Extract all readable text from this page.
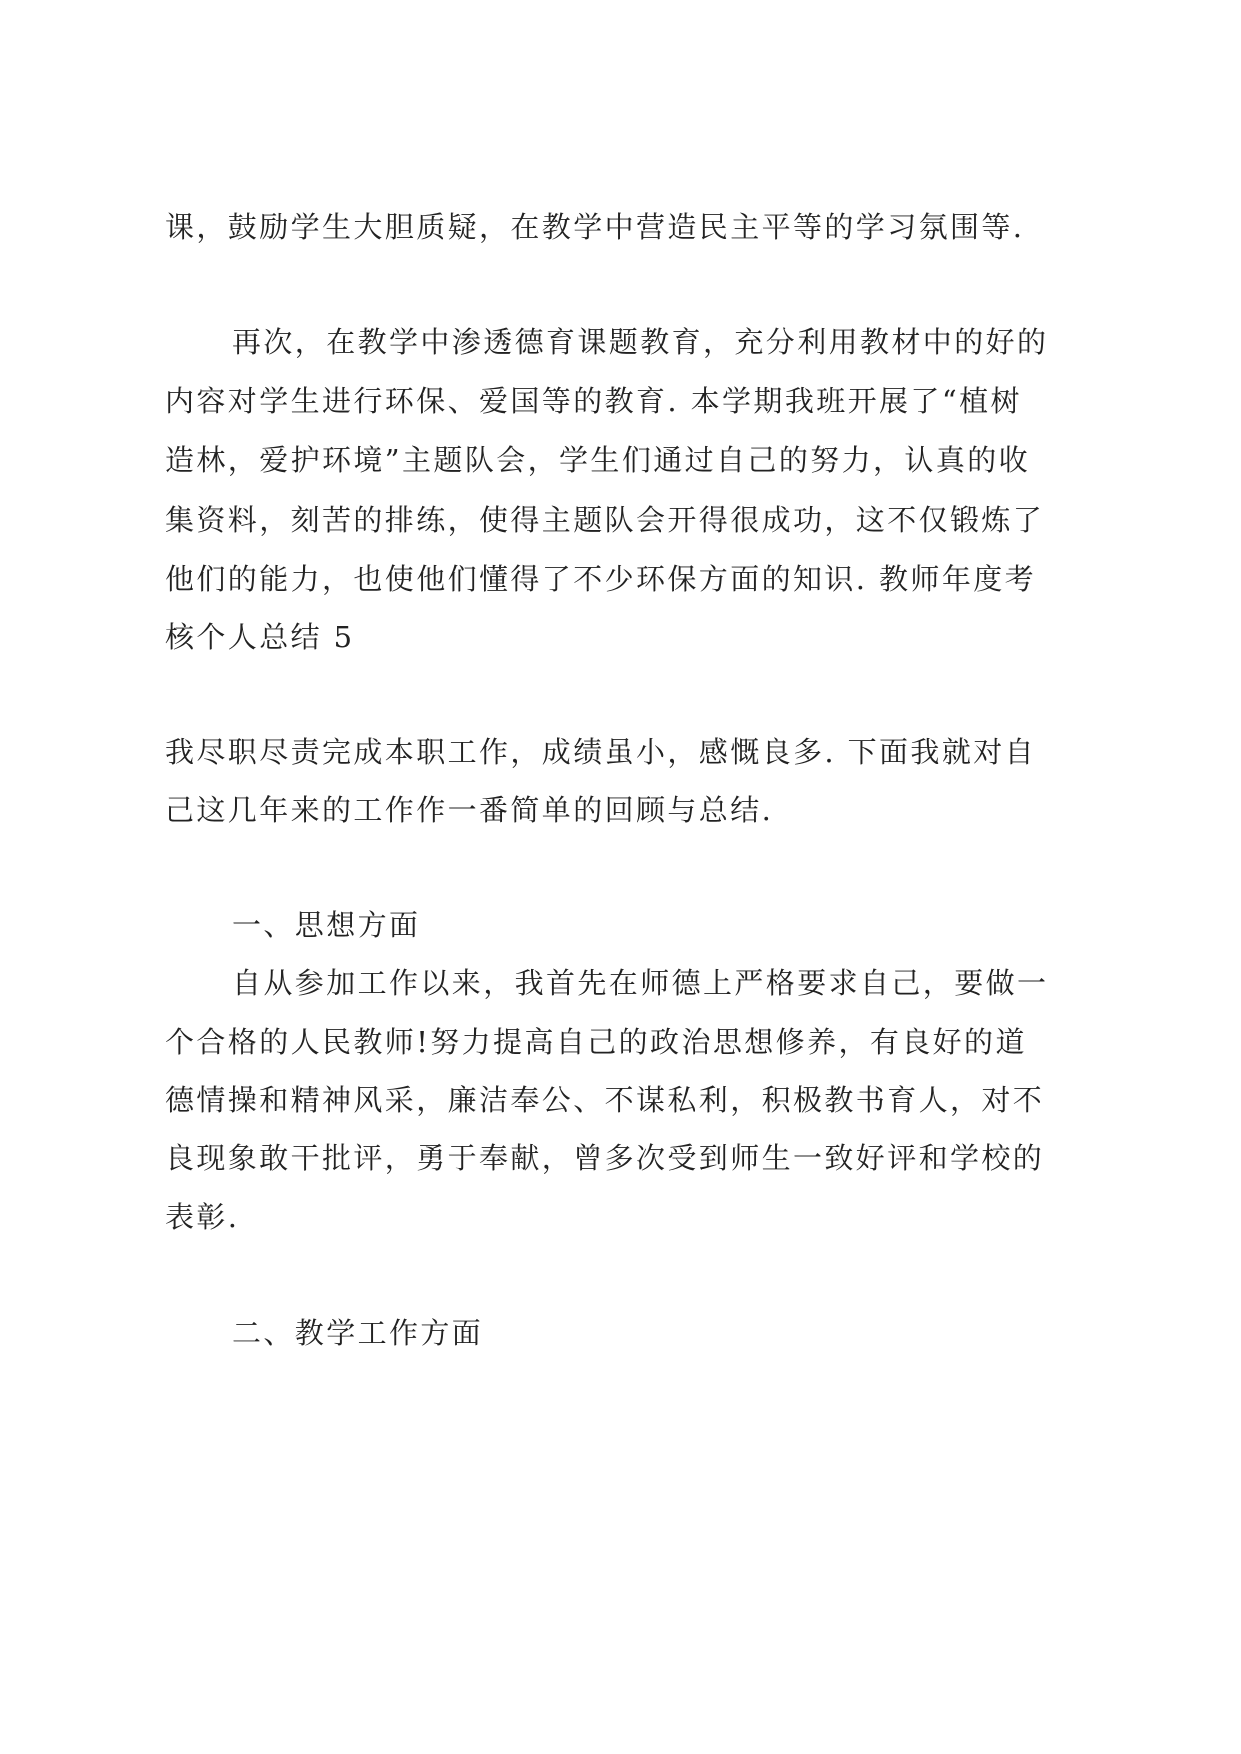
课，鼓励学生大胆质疑，在教学中营造民主平等的学习氛围等.
再次，在教学中渗透德育课题教育，充分利用教材中的好的
内容对学生进行环保、爱国等的教育. 本学期我班开展了“植树
造林，爱护环境”主题队会，学生们通过自己的努力，认真的收
集资料，刻苦的排练，使得主题队会开得很成功，这不仅锻炼了
他们的能力，也使他们懂得了不少环保方面的知识. 教师年度考
核个人总结 5
我尽职尽责完成本职工作，成绩虽小，感慨良多. 下面我就对自
己这几年来的工作作一番简单的回顾与总结.
一、思想方面
自从参加工作以来，我首先在师德上严格要求自己，要做一
个合格的人民教师!努力提高自己的政治思想修养，有良好的道
德情操和精神风采，廉洁奉公、不谋私利，积极教书育人，对不
良现象敢干批评，勇于奉献，曾多次受到师生一致好评和学校的
表彰.
二、教学工作方面
